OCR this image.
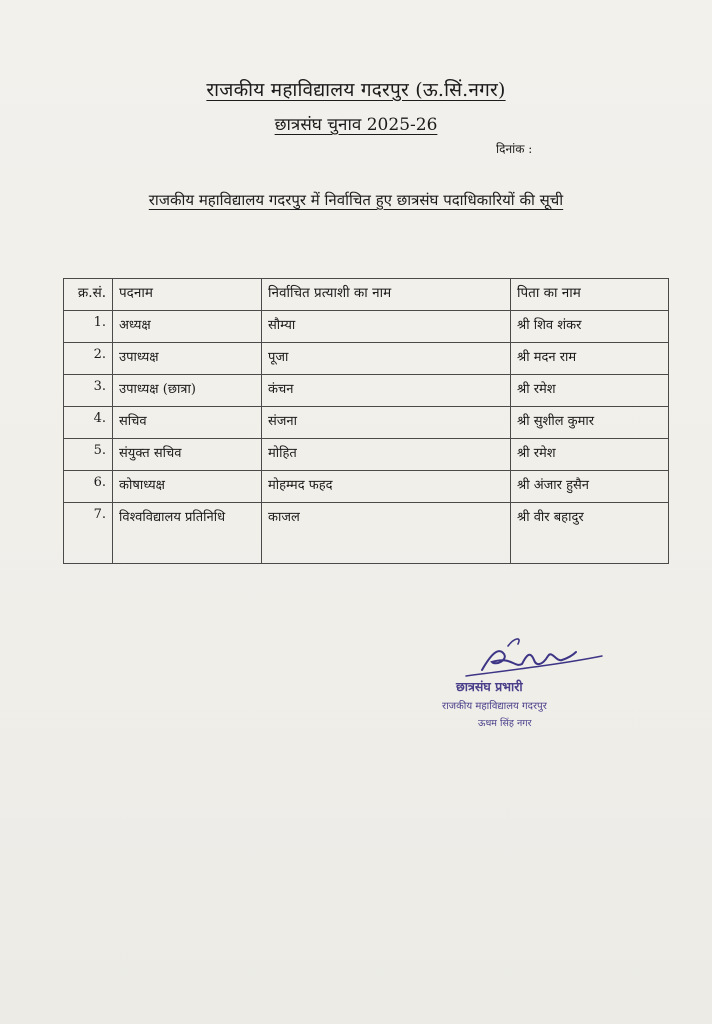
राजकीय महाविद्यालय गदरपुर (ऊ.सिं.नगर)
छात्रसंघ चुनाव 2025-26
दिनांक :
राजकीय महाविद्यालय गदरपुर में निर्वाचित हुए छात्रसंघ पदाधिकारियों की सूची
क्र.सं.	पदनाम	निर्वाचित प्रत्याशी का नाम	पिता का नाम
1.	अध्यक्ष	सौम्या	श्री शिव शंकर
2.	उपाध्यक्ष	पूजा	श्री मदन राम
3.	उपाध्यक्ष (छात्रा)	कंचन	श्री रमेश
4.	सचिव	संजना	श्री सुशील कुमार
5.	संयुक्त सचिव	मोहित	श्री रमेश
6.	कोषाध्यक्ष	मोहम्मद फहद	श्री अंजार हुसैन
7.	विश्वविद्यालय प्रतिनिधि	काजल	श्री वीर बहादुर
छात्रसंघ प्रभारी
राजकीय महाविद्यालय गदरपुर
ऊधम सिंह नगर
